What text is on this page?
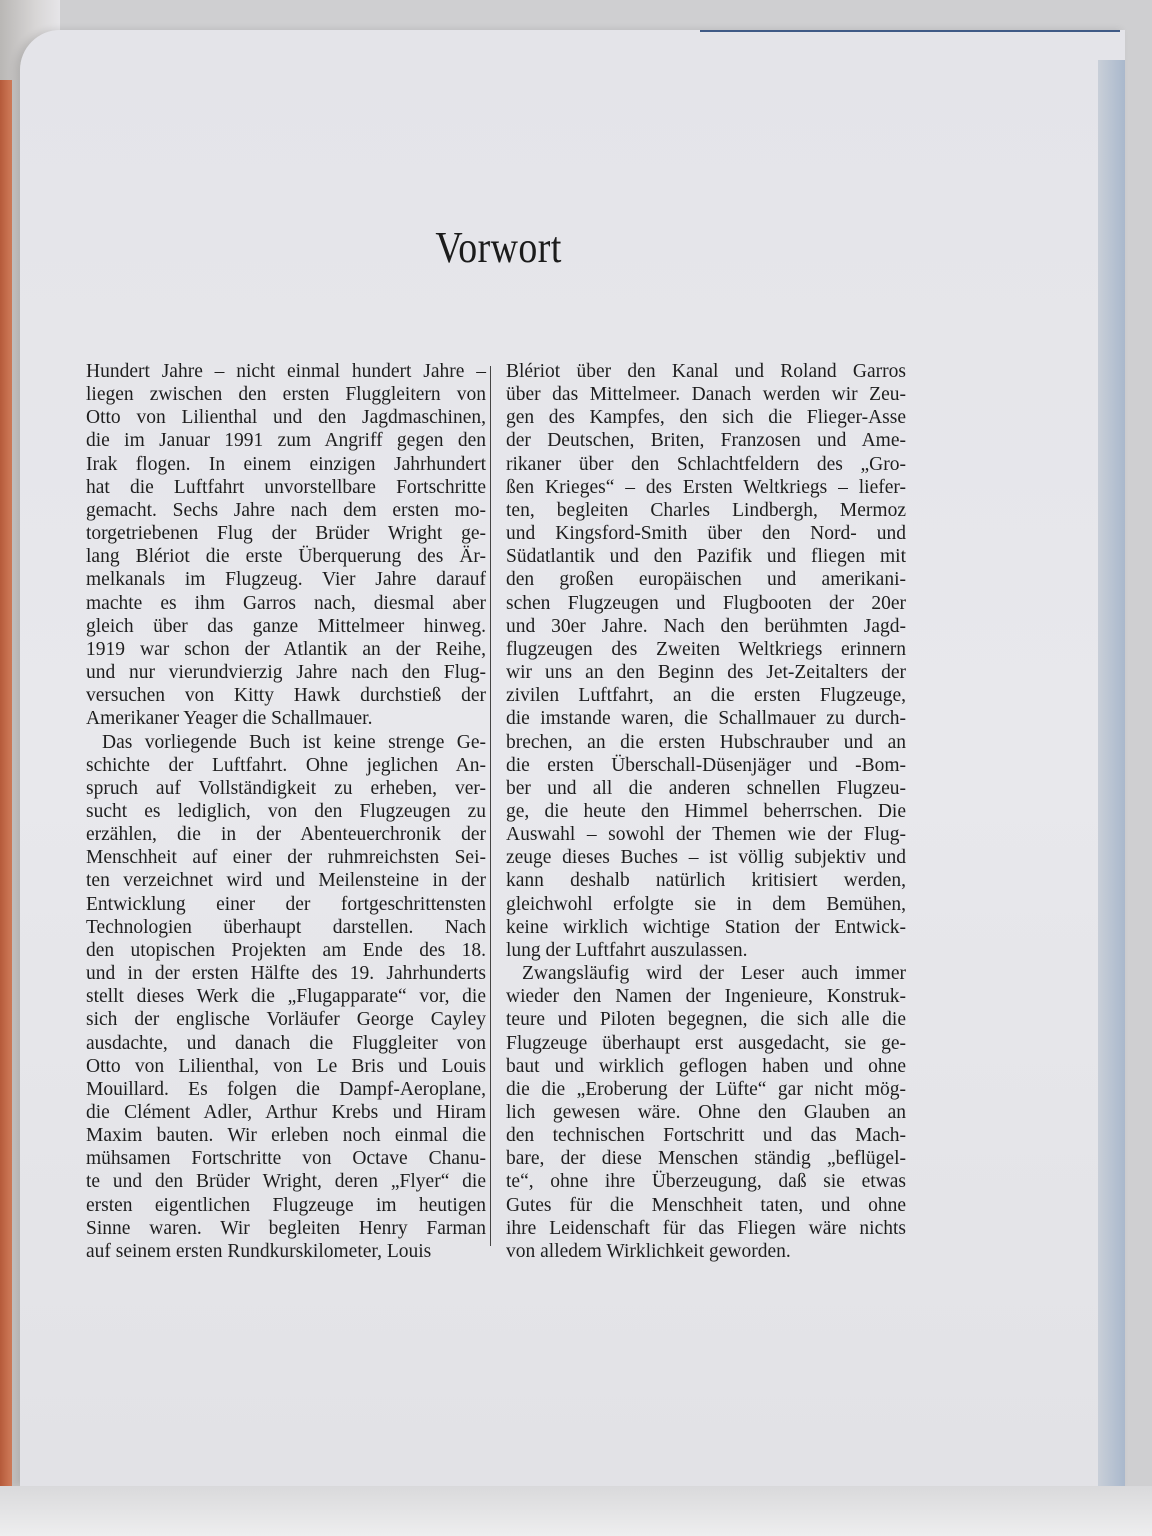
Vorwort
Hundert Jahre – nicht einmal hundert Jahre –
liegen zwischen den ersten Fluggleitern von
Otto von Lilienthal und den Jagdmaschinen,
die im Januar 1991 zum Angriff gegen den
Irak flogen. In einem einzigen Jahrhundert
hat die Luftfahrt unvorstellbare Fortschritte
gemacht. Sechs Jahre nach dem ersten mo-
torgetriebenen Flug der Brüder Wright ge-
lang Blériot die erste Überquerung des Är-
melkanals im Flugzeug. Vier Jahre darauf
machte es ihm Garros nach, diesmal aber
gleich über das ganze Mittelmeer hinweg.
1919 war schon der Atlantik an der Reihe,
und nur vierundvierzig Jahre nach den Flug-
versuchen von Kitty Hawk durchstieß der
Amerikaner Yeager die Schallmauer.
Das vorliegende Buch ist keine strenge Ge-
schichte der Luftfahrt. Ohne jeglichen An-
spruch auf Vollständigkeit zu erheben, ver-
sucht es lediglich, von den Flugzeugen zu
erzählen, die in der Abenteuerchronik der
Menschheit auf einer der ruhmreichsten Sei-
ten verzeichnet wird und Meilensteine in der
Entwicklung einer der fortgeschrittensten
Technologien überhaupt darstellen. Nach
den utopischen Projekten am Ende des 18.
und in der ersten Hälfte des 19. Jahrhunderts
stellt dieses Werk die „Flugapparate“ vor, die
sich der englische Vorläufer George Cayley
ausdachte, und danach die Fluggleiter von
Otto von Lilienthal, von Le Bris und Louis
Mouillard. Es folgen die Dampf-Aeroplane,
die Clément Adler, Arthur Krebs und Hiram
Maxim bauten. Wir erleben noch einmal die
mühsamen Fortschritte von Octave Chanu-
te und den Brüder Wright, deren „Flyer“ die
ersten eigentlichen Flugzeuge im heutigen
Sinne waren. Wir begleiten Henry Farman
auf seinem ersten Rundkurskilometer, Louis
Blériot über den Kanal und Roland Garros
über das Mittelmeer. Danach werden wir Zeu-
gen des Kampfes, den sich die Flieger-Asse
der Deutschen, Briten, Franzosen und Ame-
rikaner über den Schlachtfeldern des „Gro-
ßen Krieges“ – des Ersten Weltkriegs – liefer-
ten, begleiten Charles Lindbergh, Mermoz
und Kingsford-Smith über den Nord- und
Südatlantik und den Pazifik und fliegen mit
den großen europäischen und amerikani-
schen Flugzeugen und Flugbooten der 20er
und 30er Jahre. Nach den berühmten Jagd-
flugzeugen des Zweiten Weltkriegs erinnern
wir uns an den Beginn des Jet-Zeitalters der
zivilen Luftfahrt, an die ersten Flugzeuge,
die imstande waren, die Schallmauer zu durch-
brechen, an die ersten Hubschrauber und an
die ersten Überschall-Düsenjäger und -Bom-
ber und all die anderen schnellen Flugzeu-
ge, die heute den Himmel beherrschen. Die
Auswahl – sowohl der Themen wie der Flug-
zeuge dieses Buches – ist völlig subjektiv und
kann deshalb natürlich kritisiert werden,
gleichwohl erfolgte sie in dem Bemühen,
keine wirklich wichtige Station der Entwick-
lung der Luftfahrt auszulassen.
Zwangsläufig wird der Leser auch immer
wieder den Namen der Ingenieure, Konstruk-
teure und Piloten begegnen, die sich alle die
Flugzeuge überhaupt erst ausgedacht, sie ge-
baut und wirklich geflogen haben und ohne
die die „Eroberung der Lüfte“ gar nicht mög-
lich gewesen wäre. Ohne den Glauben an
den technischen Fortschritt und das Mach-
bare, der diese Menschen ständig „beflügel-
te“, ohne ihre Überzeugung, daß sie etwas
Gutes für die Menschheit taten, und ohne
ihre Leidenschaft für das Fliegen wäre nichts
von alledem Wirklichkeit geworden.
